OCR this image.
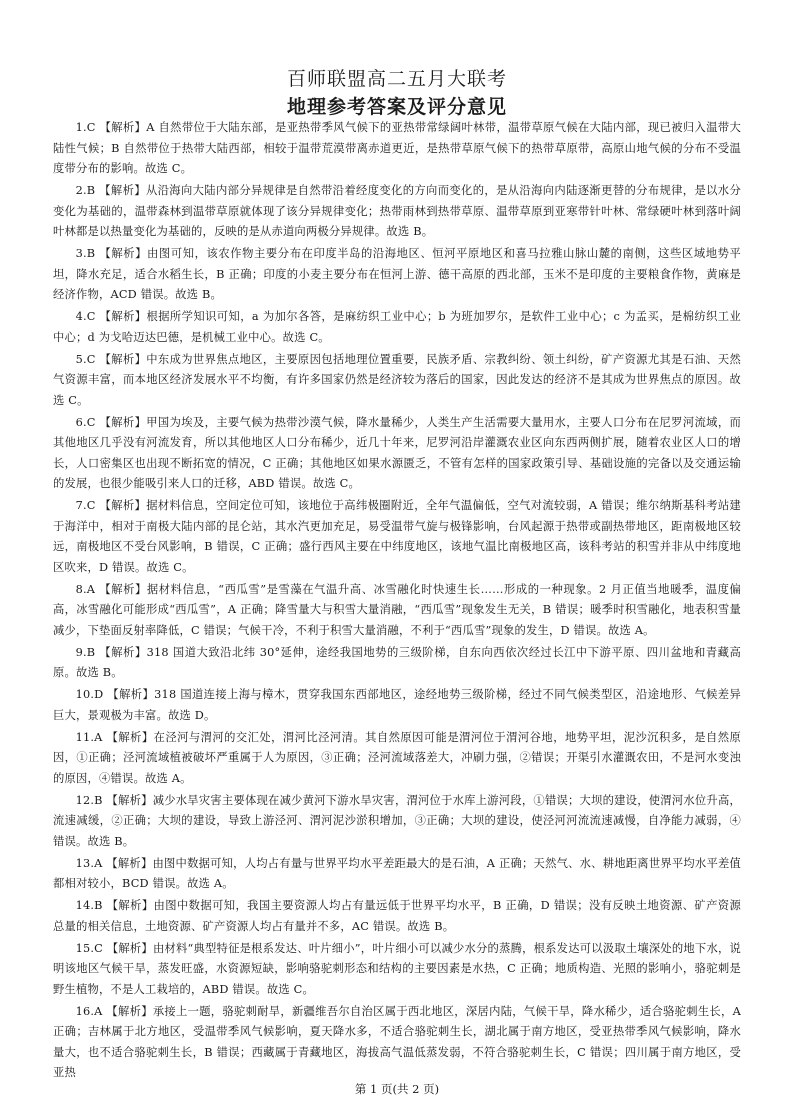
百师联盟高二五月大联考
地理参考答案及评分意见

1.C 【解析】A 自然带位于大陆东部，是亚热带季风气候下的亚热带常绿阔叶林带，温带草原气候在大陆内部，现已被归入温带大陆性气候；B 自然带位于热带大陆西部，相较于温带荒漠带离赤道更近，是热带草原气候下的热带草原带，高原山地气候的分布不受温度带分布的影响。故选 C。

2.B 【解析】从沿海向大陆内部分异规律是自然带沿着经度变化的方向而变化的，是从沿海向内陆逐渐更替的分布规律，是以水分变化为基础的，温带森林到温带草原就体现了该分异规律变化；热带雨林到热带草原、温带草原到亚寒带针叶林、常绿硬叶林到落叶阔叶林都是以热量变化为基础的，反映的是从赤道向两极分异规律。故选 B。

3.B 【解析】由图可知，该农作物主要分布在印度半岛的沿海地区、恒河平原地区和喜马拉雅山脉山麓的南侧，这些区域地势平坦，降水充足，适合水稻生长，B 正确；印度的小麦主要分布在恒河上游、德干高原的西北部，玉米不是印度的主要粮食作物，黄麻是经济作物，ACD 错误。故选 B。

4.C 【解析】根据所学知识可知，a 为加尔各答，是麻纺织工业中心；b 为班加罗尔，是软件工业中心；c 为孟买，是棉纺织工业中心；d 为戈哈迈达巴德，是机械工业中心。故选 C。

5.C 【解析】中东成为世界焦点地区，主要原因包括地理位置重要，民族矛盾、宗教纠纷、领土纠纷，矿产资源尤其是石油、天然气资源丰富，而本地区经济发展水平不均衡，有许多国家仍然是经济较为落后的国家，因此发达的经济不是其成为世界焦点的原因。故选 C。

6.C 【解析】甲国为埃及，主要气候为热带沙漠气候，降水量稀少，人类生产生活需要大量用水，主要人口分布在尼罗河流域，而其他地区几乎没有河流发育，所以其他地区人口分布稀少，近几十年来，尼罗河沿岸灌溉农业区向东西两侧扩展，随着农业区人口的增长，人口密集区也出现不断拓宽的情况，C 正确；其他地区如果水源匮乏，不管有怎样的国家政策引导、基础设施的完备以及交通运输的发展，也很少能吸引来人口的迁移，ABD 错误。故选 C。

7.C 【解析】据材料信息，空间定位可知，该地位于高纬极圈附近，全年气温偏低，空气对流较弱，A 错误；维尔纳斯基科考站建于海洋中，相对于南极大陆内部的昆仑站，其水汽更加充足，易受温带气旋与极锋影响，台风起源于热带或副热带地区，距南极地区较远，南极地区不受台风影响，B 错误，C 正确；盛行西风主要在中纬度地区，该地气温比南极地区高，该科考站的积雪并非从中纬度地区吹来，D 错误。故选 C。

8.A 【解析】据材料信息，“西瓜雪”是雪藻在气温升高、冰雪融化时快速生长……形成的一种现象。2 月正值当地暖季，温度偏高，冰雪融化可能形成“西瓜雪”，A 正确；降雪量大与积雪大量消融，“西瓜雪”现象发生无关，B 错误；暖季时积雪融化，地表积雪量减少，下垫面反射率降低，C 错误；气候干冷，不利于积雪大量消融，不利于“西瓜雪”现象的发生，D 错误。故选 A。

9.B 【解析】318 国道大致沿北纬 30°延伸，途经我国地势的三级阶梯，自东向西依次经过长江中下游平原、四川盆地和青藏高原。故选 B。

10.D 【解析】318 国道连接上海与樟木，贯穿我国东西部地区，途经地势三级阶梯，经过不同气候类型区，沿途地形、气候差异巨大，景观极为丰富。故选 D。

11.A 【解析】在泾河与渭河的交汇处，渭河比泾河清。其自然原因可能是渭河位于渭河谷地，地势平坦，泥沙沉积多，是自然原因，①正确；泾河流域植被破坏严重属于人为原因，③正确；泾河流域落差大，冲刷力强，②错误；开渠引水灌溉农田，不是河水变浊的原因，④错误。故选 A。

12.B 【解析】减少水旱灾害主要体现在减少黄河下游水旱灾害，渭河位于水库上游河段，①错误；大坝的建设，使渭河水位升高，流速减缓，②正确；大坝的建设，导致上游泾河、渭河泥沙淤积增加，③正确；大坝的建设，使泾河河流流速减慢，自净能力减弱，④错误。故选 B。

13.A 【解析】由图中数据可知，人均占有量与世界平均水平差距最大的是石油，A 正确；天然气、水、耕地距离世界平均水平差值都相对较小，BCD 错误。故选 A。

14.B 【解析】由图中数据可知，我国主要资源人均占有量远低于世界平均水平，B 正确，D 错误；没有反映土地资源、矿产资源总量的相关信息，土地资源、矿产资源人均占有量并不多，AC 错误。故选 B。

15.C 【解析】由材料“典型特征是根系发达、叶片细小”，叶片细小可以减少水分的蒸腾，根系发达可以汲取土壤深处的地下水，说明该地区气候干旱，蒸发旺盛，水资源短缺，影响骆驼刺形态和结构的主要因素是水热，C 正确；地质构造、光照的影响小，骆驼刺是野生植物，不是人工栽培的，ABD 错误。故选 C。

16.A 【解析】承接上一题，骆驼刺耐旱，新疆维吾尔自治区属于西北地区，深居内陆，气候干旱，降水稀少，适合骆驼刺生长，A 正确；吉林属于北方地区，受温带季风气候影响，夏天降水多，不适合骆驼刺生长，湖北属于南方地区，受亚热带季风气候影响，降水量大，也不适合骆驼刺生长，B 错误；西藏属于青藏地区，海拔高气温低蒸发弱，不符合骆驼刺生长，C 错误；四川属于南方地区，受亚热

第 1 页(共 2 页)
